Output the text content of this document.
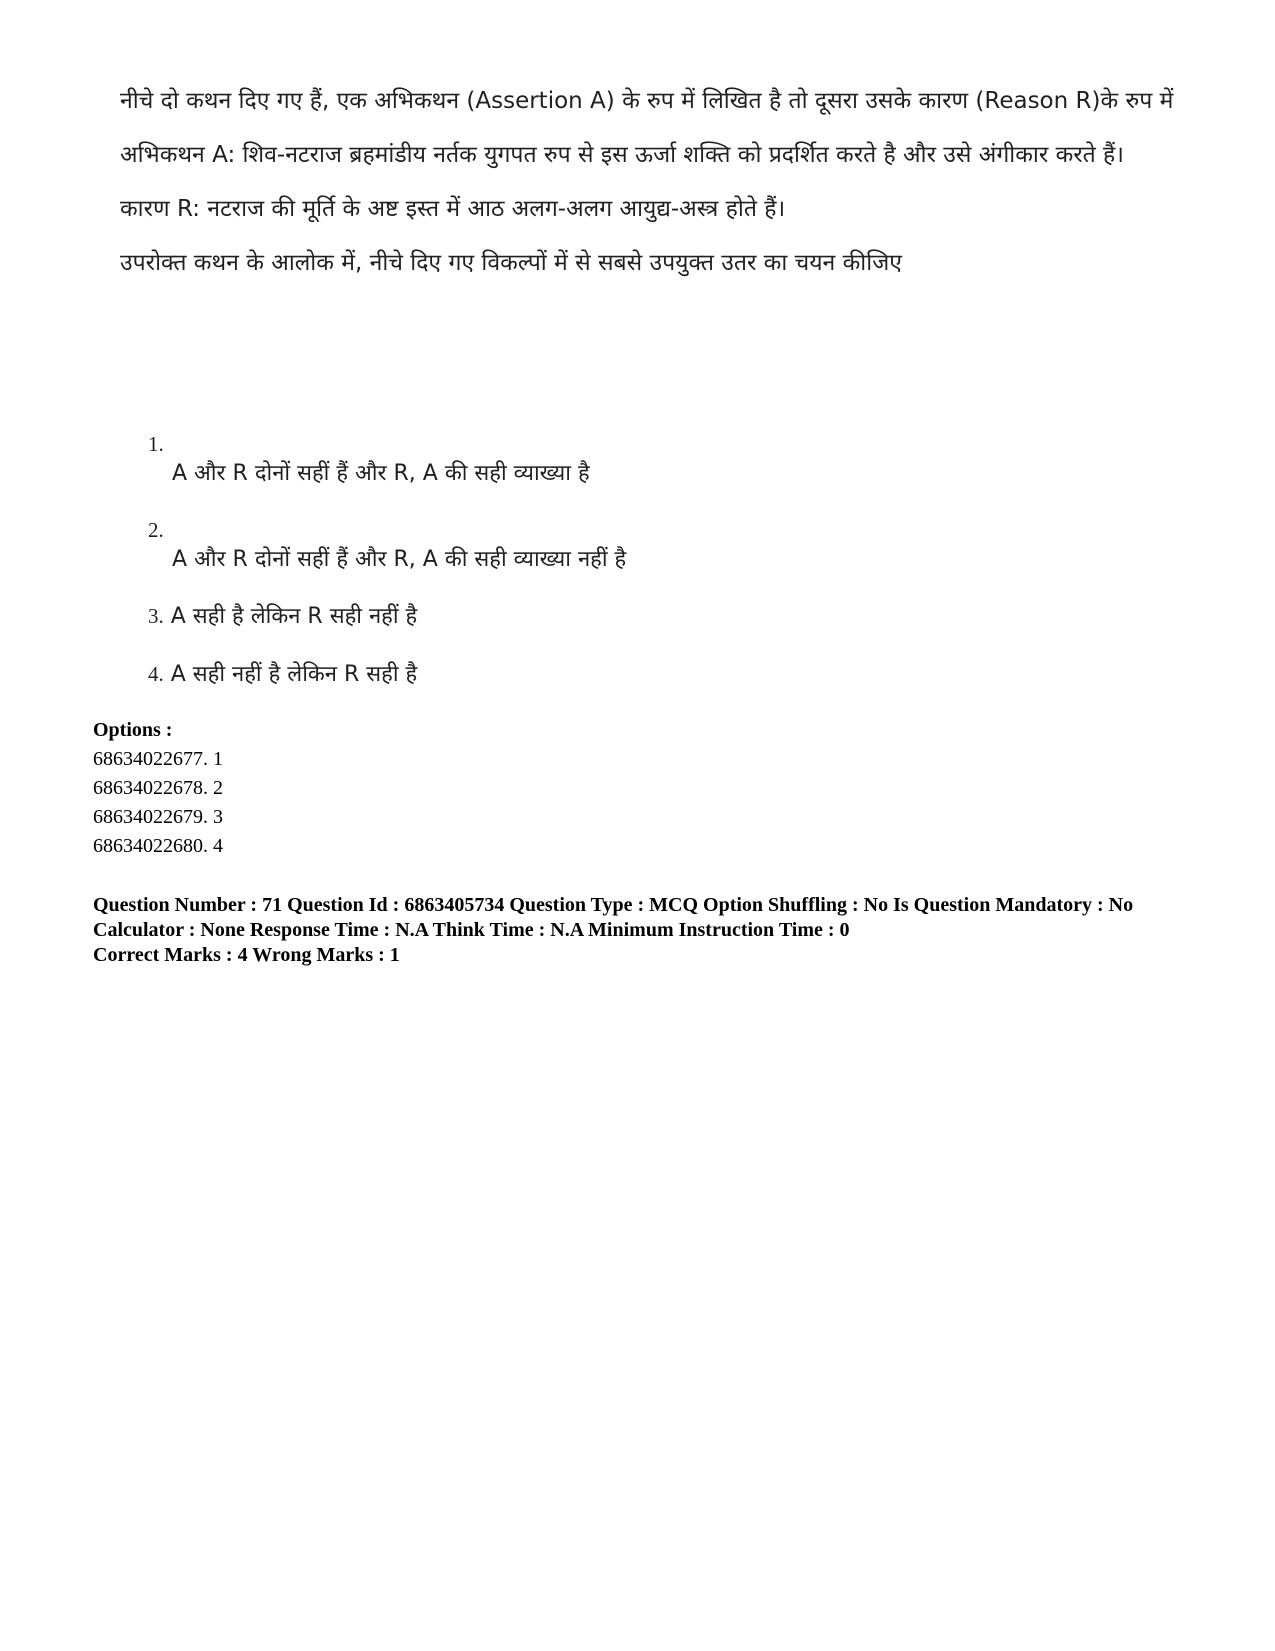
नीचे दो कथन दिए गए हैं, एक अभिकथन (Assertion A) के रुप में लिखित है तो दूसरा उसके कारण (Reason R)के रुप में

अभिकथन A: शिव-नटराज ब्रहमांडीय नर्तक युगपत रुप से इस ऊर्जा शक्ति को प्रदर्शित करते है और उसे अंगीकार करते हैं।

कारण R: नटराज की मूर्ति के अष्ट इस्त में आठ अलग-अलग आयुद्य-अस्त्र होते हैं।

उपरोक्त कथन के आलोक में, नीचे दिए गए विकल्पों में से सबसे उपयुक्त उतर का चयन कीजिए

1.
A और R दोनों सहीं हैं और R, A की सही व्याख्या है
2.
A और R दोनों सहीं हैं और R, A की सही व्याख्या नहीं है
3. A सही है लेकिन R सही नहीं है
4. A सही नहीं है लेकिन R सही है
Options :
68634022677. 1
68634022678. 2
68634022679. 3
68634022680. 4

Question Number : 71 Question Id : 6863405734 Question Type : MCQ Option Shuffling : No Is Question Mandatory : No Calculator : None Response Time : N.A Think Time : N.A Minimum Instruction Time : 0

Correct Marks : 4 Wrong Marks : 1
